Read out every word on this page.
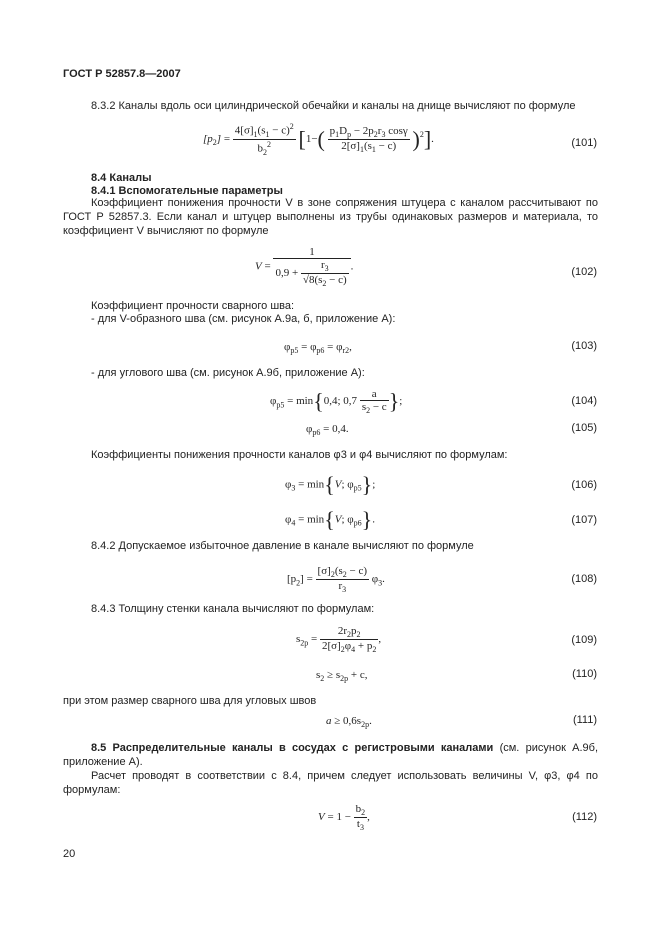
ГОСТ Р 52857.8—2007
8.3.2 Каналы вдоль оси цилиндрической обечайки и каналы на днище вычисляют по формуле
$[p_2] = \frac{4[\sigma]_1(s_1 - c)^2}{b_2^2} [1-( \frac{p_1D_p - 2p_2r_3 \cos\gamma}{2[\sigma]_1(s_1 - c)} )^2]$.	(101)
8.4 Каналы
8.4.1 Вспомогательные параметры
Коэффициент понижения прочности V в зоне сопряжения штуцера с каналом рассчитывают по ГОСТ Р 52857.3. Если канал и штуцер выполнены из трубы одинаковых размеров и материала, то коэффициент V вычисляют по формуле
$V = \frac{1}{0,9 + \frac{r_3}{√8(s_2 - c)}}$ .	(102)
Коэффициент прочности сварного шва:
- для V-образного шва (см. рисунок А.9а, б, приложение А):
$\varphi_{p5} = \varphi_{p6} = \varphi_{r2}$,	(103)
- для углового шва (см. рисунок А.9б, приложение А):
$\varphi_{p5} = \min\{0,4$; $0,7 \frac{a}{s_2 - c}$ };	(104)
$\varphi_{p6} = 0,4$.	(105)
Коэффициенты понижения прочности каналов φ3 и φ4 вычисляют по формулам:
$\varphi_3 = \min\{V$; $\varphi_{p5}$};	(106)
$\varphi_4 = \min\{V$; $\varphi_{p6}$}.	(107)
8.4.2 Допускаемое избыточное давление в канале вычисляют по формуле
$[p_2] = \frac{[\sigma]_2(s_2 - c)}{r_3} \varphi_3$.	(108)
8.4.3 Толщину стенки канала вычисляют по формулам:
$s_{2p} = \frac{2r_2p_2}{2[\sigma]_2\varphi_4 + p_2}$ ,	(109)
$s_2 \ge s_{2p} + c$,	(110)
при этом размер сварного шва для угловых швов
$a \ge 0,6s_{2p}$.	(111)
8.5 Распределительные каналы в сосудах с регистровыми каналами (см. рисунок А.9б, приложение А).
Расчет проводят в соответствии с 8.4, причем следует использовать величины V, φ3, φ4 по формулам:
$V = 1 - \frac{b_2}{t_3}$ ,	(112)
20
